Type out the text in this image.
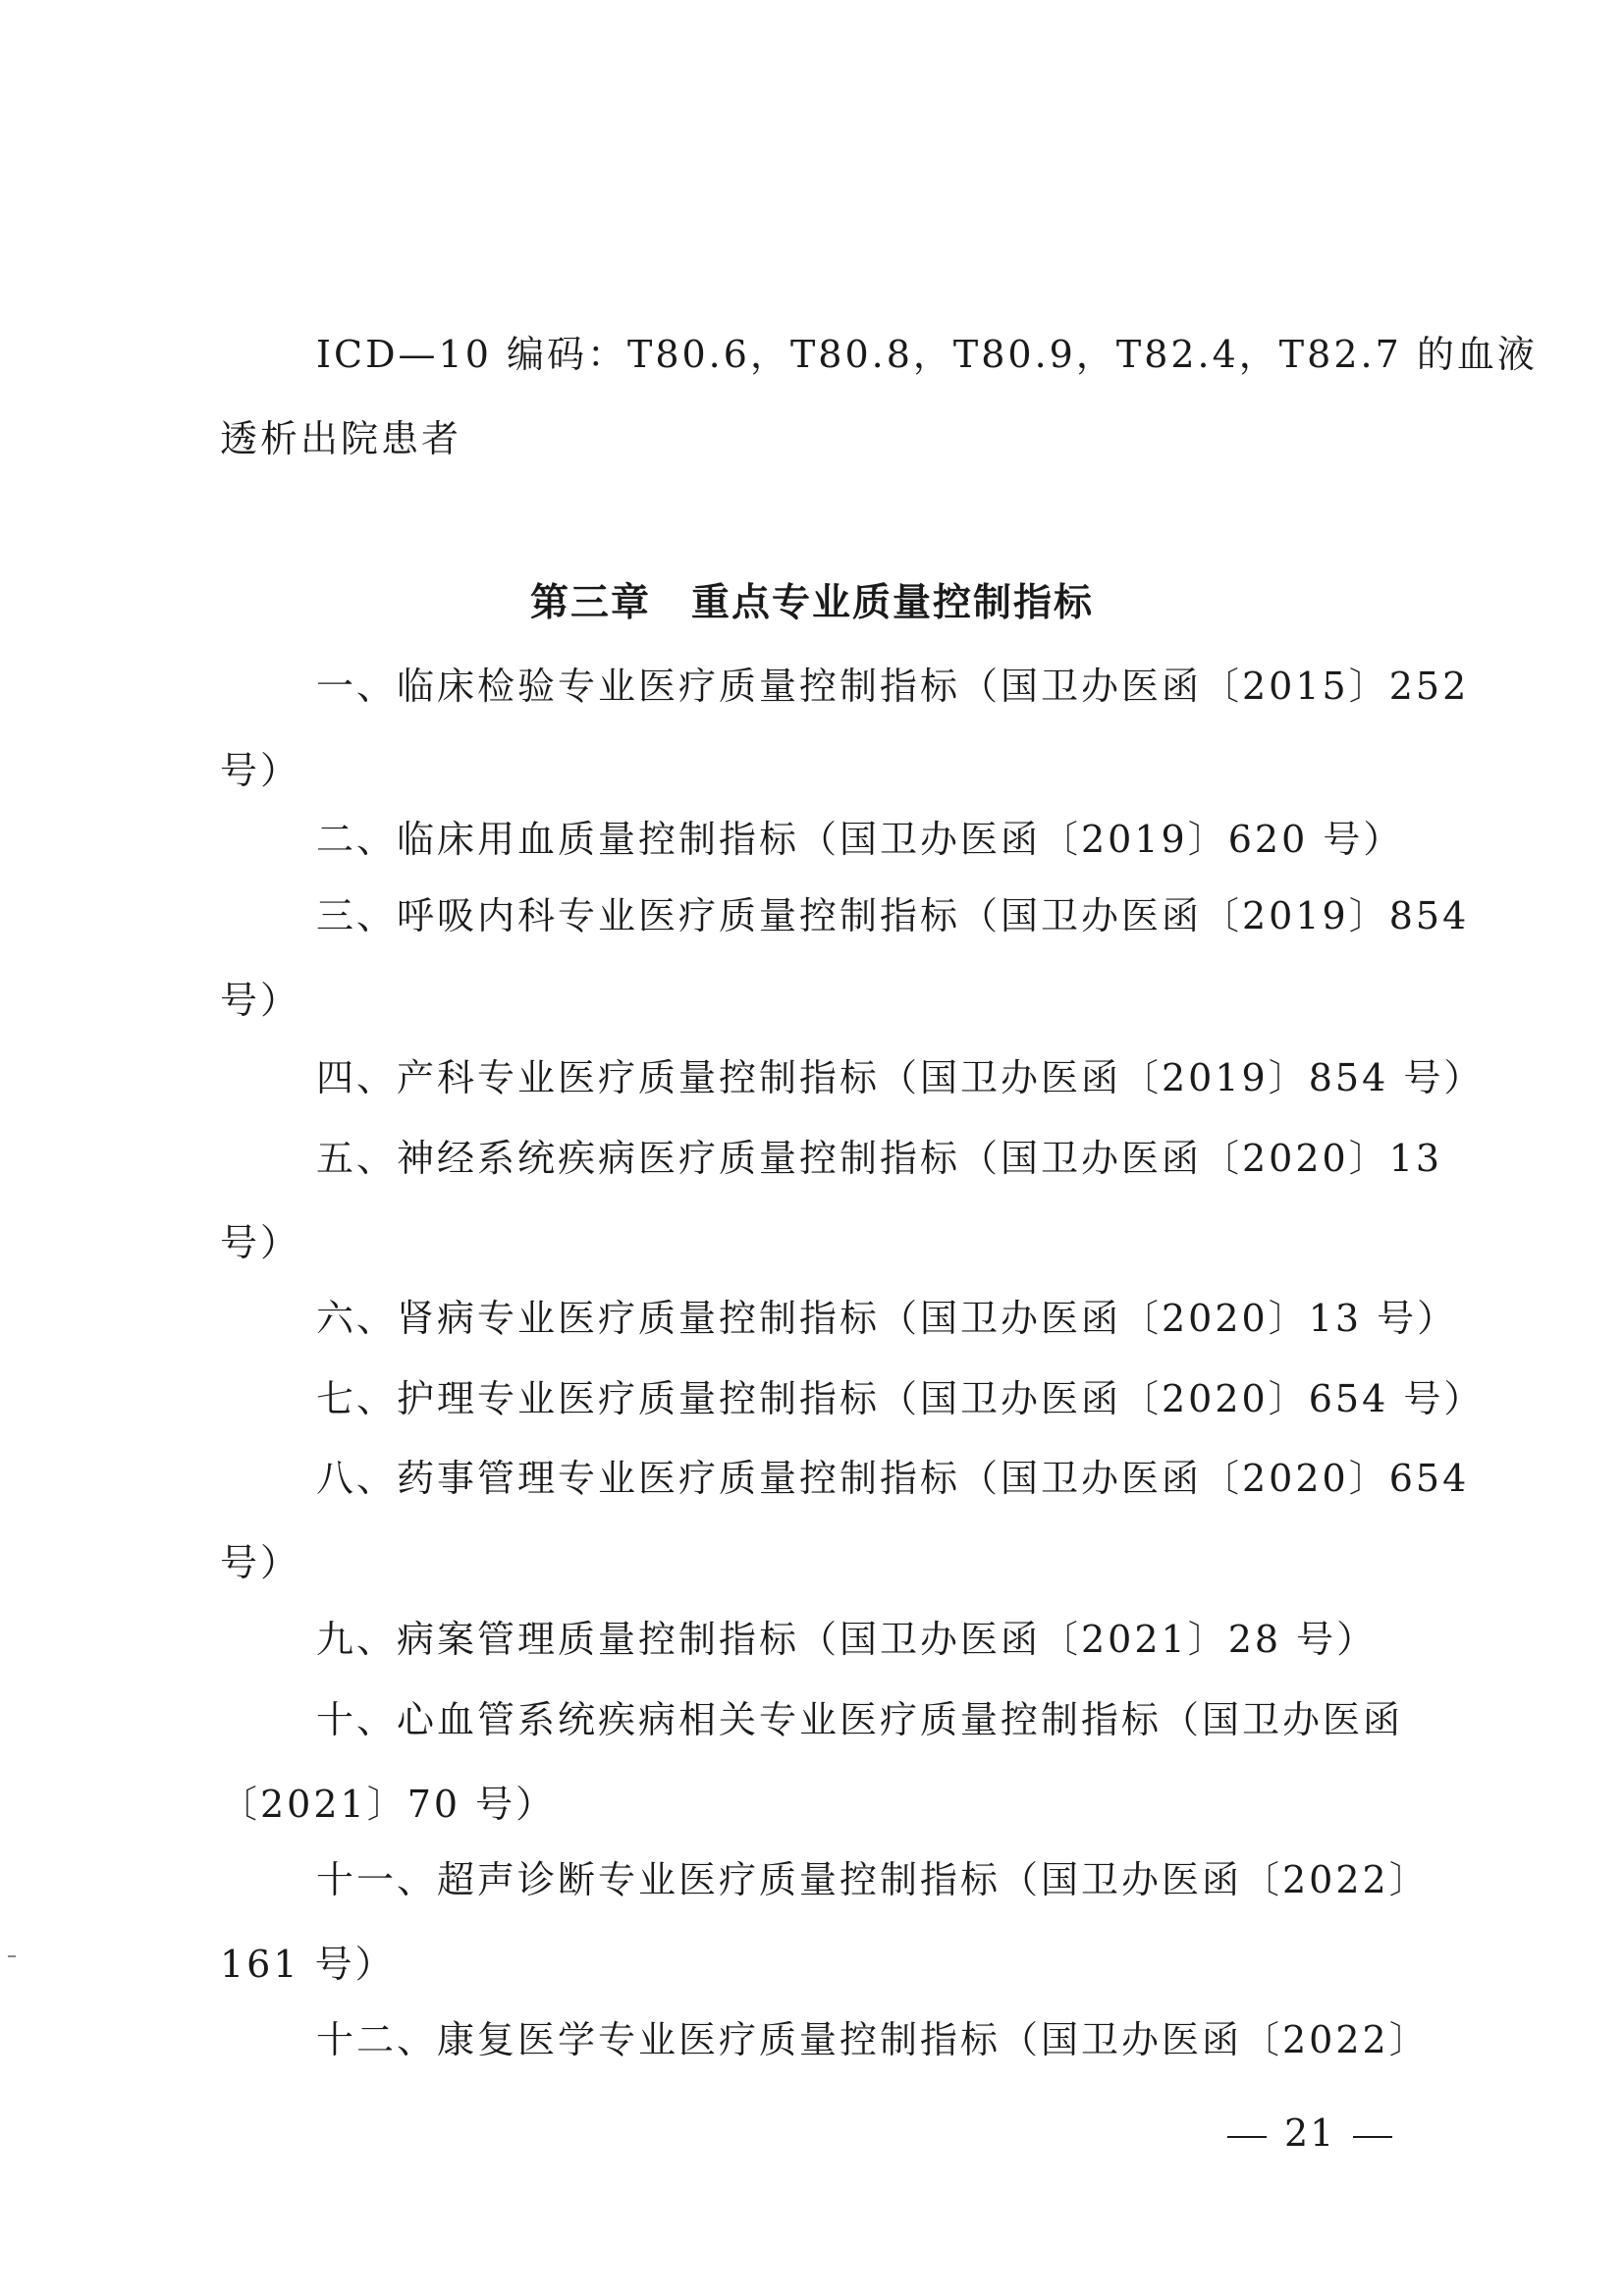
ICD—10 编码：T80.6，T80.8，T80.9，T82.4，T82.7 的血液
透析出院患者
第三章　重点专业质量控制指标
一、临床检验专业医疗质量控制指标（国卫办医函〔2015〕252
号）
二、临床用血质量控制指标（国卫办医函〔2019〕620 号）
三、呼吸内科专业医疗质量控制指标（国卫办医函〔2019〕854
号）
四、产科专业医疗质量控制指标（国卫办医函〔2019〕854 号）
五、神经系统疾病医疗质量控制指标（国卫办医函〔2020〕13
号）
六、肾病专业医疗质量控制指标（国卫办医函〔2020〕13 号）
七、护理专业医疗质量控制指标（国卫办医函〔2020〕654 号）
八、药事管理专业医疗质量控制指标（国卫办医函〔2020〕654
号）
九、病案管理质量控制指标（国卫办医函〔2021〕28 号）
十、心血管系统疾病相关专业医疗质量控制指标（国卫办医函
〔2021〕70 号）
十一、超声诊断专业医疗质量控制指标（国卫办医函〔2022〕
161 号）
十二、康复医学专业医疗质量控制指标（国卫办医函〔2022〕
21
